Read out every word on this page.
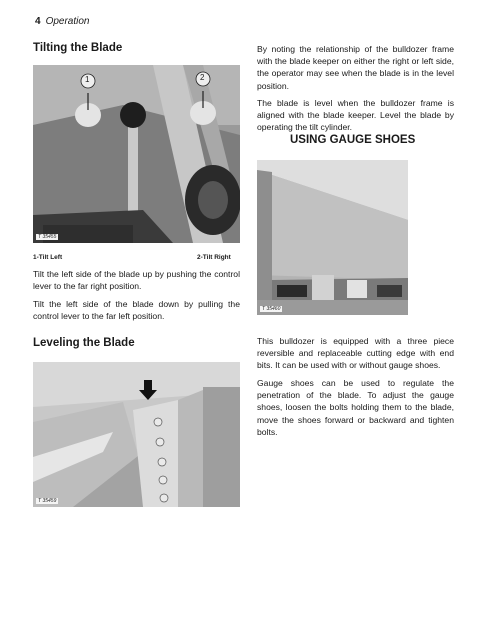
4 Operation
Tilting the Blade
1	2
T 35455
1-Tilt Left	2-Tilt Right

Tilt the left side of the blade up by pushing the control lever to the far right position.

Tilt the left side of the blade down by pulling the control lever to the far left position.

Leveling the Blade
T 35459

By noting the relationship of the bulldozer frame with the blade keeper on either the right or left side, the operator may see when the blade is in the level position.

The blade is level when the bulldozer frame is aligned with the blade keeper. Level the blade by operating the tilt cylinder.

USING GAUGE SHOES
T 35460

This bulldozer is equipped with a three piece reversible and replaceable cutting edge with end bits. It can be used with or without gauge shoes.

Gauge shoes can be used to regulate the penetration of the blade. To adjust the gauge shoes, loosen the bolts holding them to the blade, move the shoes forward or backward and tighten bolts.
